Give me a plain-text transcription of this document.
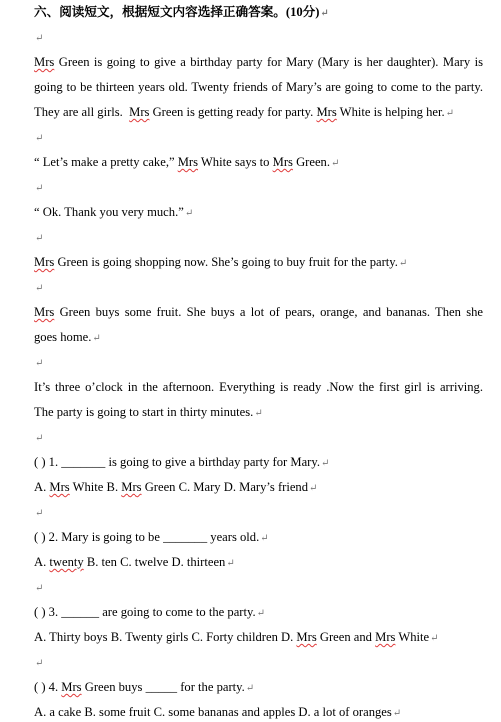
六、阅读短文，根据短文内容选择正确答案。(10分)↵
↵
Mrs Green is going to give a birthday party for Mary (Mary is her daughter). Mary is
going to be thirteen years old. Twenty friends of Mary’s are going to come to the party.
They are all girls. Mrs Green is getting ready for party. Mrs White is helping her.↵
↵
“ Let’s make a pretty cake,” Mrs White says to Mrs Green.↵
↵
“ Ok. Thank you very much.”↵
↵
Mrs Green is going shopping now. She’s going to buy fruit for the party.↵
↵
Mrs Green buys some fruit. She buys a lot of pears, orange, and bananas. Then she
goes home.↵
↵
It’s three o’clock in the afternoon. Everything is ready .Now the first girl is arriving.
The party is going to start in thirty minutes.↵
↵
( ) 1. _______ is going to give a birthday party for Mary.↵
A. Mrs White B. Mrs Green C. Mary D. Mary’s friend↵
↵
( ) 2. Mary is going to be _______ years old.↵
A. twenty B. ten C. twelve D. thirteen↵
↵
( ) 3. ______ are going to come to the party.↵
A. Thirty boys B. Twenty girls C. Forty children D. Mrs Green and Mrs White↵
↵
( ) 4. Mrs Green buys _____ for the party.↵
A. a cake B. some fruit C. some bananas and apples D. a lot of oranges↵
